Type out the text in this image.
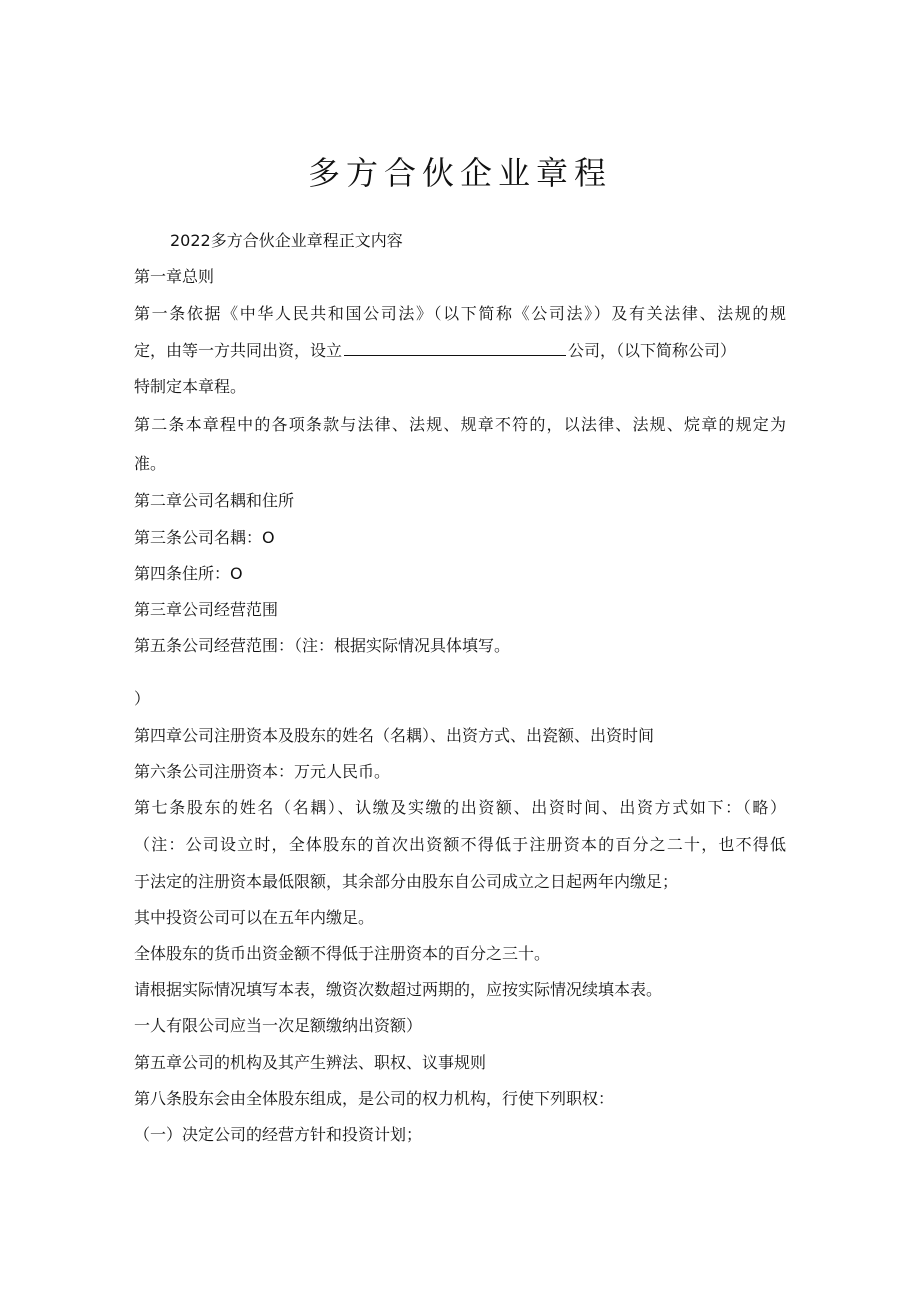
多方合伙企业章程

2022多方合伙企业章程正文内容

第一章总则

第一条依据《中华人民共和国公司法》（以下简称《公司法》）及有关法律、法规的规

定，由等一方共同出资，设立	公司，（以下简称公司）

特制定本章程。

第二条本章程中的各项条款与法律、法规、规章不符的，以法律、法规、烷章的规定为

准。

第二章公司名耦和住所

第三条公司名耦：O

第四条住所：O

第三章公司经营范围

第五条公司经营范围：（注：根据实际情况具体填写。

）

第四章公司注册资本及股东的姓名（名耦）、出资方式、出瓷额、出资时间

第六条公司注册资本：万元人民币。

第七条股东的姓名（名耦）、认缴及实缴的出资额、出资时间、出资方式如下：（略）

（注：公司设立时，全体股东的首次出资额不得低于注册资本的百分之二十，也不得低

于法定的注册资本最低限额，其余部分由股东自公司成立之日起两年内缴足；

其中投资公司可以在五年内缴足。

全体股东的货币出资金额不得低于注册资本的百分之三十。

请根据实际情况填写本表，缴资次数超过两期的，应按实际情况续填本表。

一人有限公司应当一次足额缴纳出资额）

第五章公司的机构及其产生辨法、职权、议事规则

第八条股东会由全体股东组成，是公司的权力机构，行使下列职权：

（一）决定公司的经营方针和投资计划；
